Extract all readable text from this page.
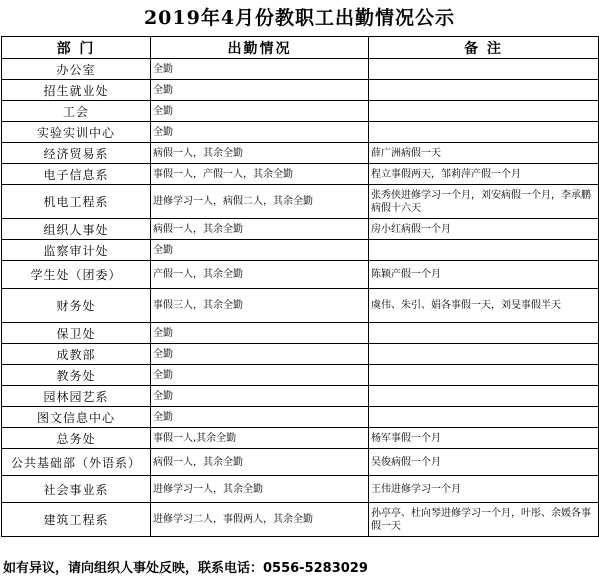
2019年4月份教职工出勤情况公示
部 门	出勤情况	备 注
办公室	全勤	
招生就业处	全勤	
工会	全勤	
实验实训中心	全勤	
经济贸易系	病假一人，其余全勤	薛广洲病假一天
电子信息系	事假一人，产假一人，其余全勤	程立事假两天，邹莉萍产假一个月
机电工程系	进修学习一人，病假二人，其余全勤	张秀侠进修学习一个月，刘安病假一个月，李承鹏病假十六天
组织人事处	病假一人，其余全勤	房小红病假一个月
监察审计处	全勤	
学生处（团委）	产假一人，其余全勤	陈颖产假一个月
财务处	事假三人，其余全勤	虞伟、朱引、娟各事假一天，刘旻事假半天
保卫处	全勤	
成教部	全勤	
教务处	全勤	
园林园艺系	全勤	
图文信息中心	全勤	
总务处	事假一人,其余全勤	杨军事假一个月
公共基础部（外语系）	病假一人，其余全勤	吴俊病假一个月
社会事业系	进修学习一人，其余全勤	王伟进修学习一个月
建筑工程系	进修学习二人，事假两人，其余全勤	孙亭亭、杜向琴进修学习一个月，叶彤、余媛各事假一天
如有异议，请向组织人事处反映，联系电话：0556-5283029
